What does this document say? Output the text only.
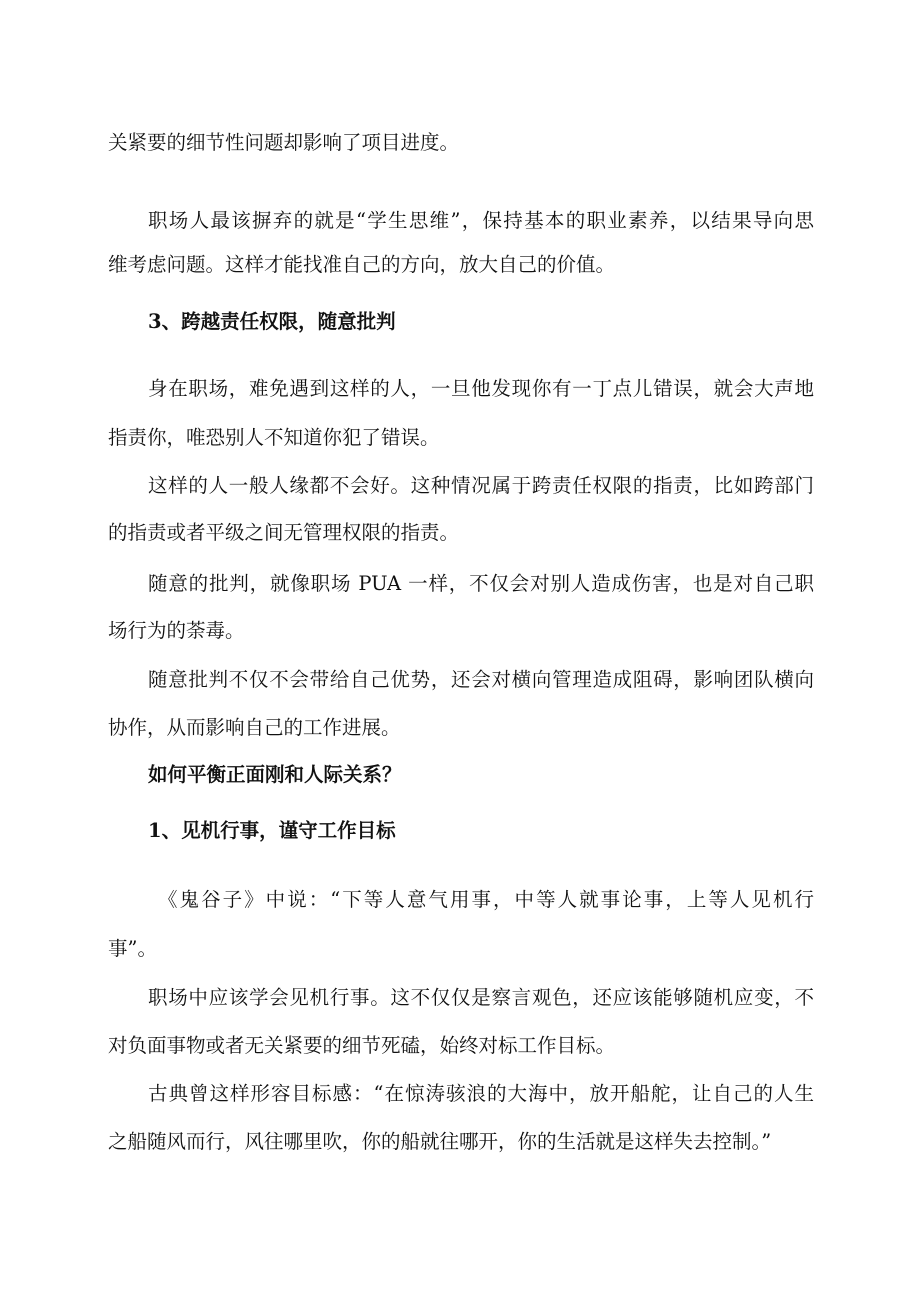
关紧要的细节性问题却影响了项目进度。
职场人最该摒弃的就是“学生思维”，保持基本的职业素养，以结果导向思
维考虑问题。这样才能找准自己的方向，放大自己的价值。
3、跨越责任权限，随意批判
身在职场，难免遇到这样的人，一旦他发现你有一丁点儿错误，就会大声地
指责你，唯恐别人不知道你犯了错误。
这样的人一般人缘都不会好。这种情况属于跨责任权限的指责，比如跨部门
的指责或者平级之间无管理权限的指责。
随意的批判，就像职场 PUA 一样，不仅会对别人造成伤害，也是对自己职
场行为的荼毒。
随意批判不仅不会带给自己优势，还会对横向管理造成阻碍，影响团队横向
协作，从而影响自己的工作进展。
如何平衡正面刚和人际关系？
1、见机行事，谨守工作目标
《鬼谷子》中说：“下等人意气用事，中等人就事论事，上等人见机行
事”。
职场中应该学会见机行事。这不仅仅是察言观色，还应该能够随机应变，不
对负面事物或者无关紧要的细节死磕，始终对标工作目标。
古典曾这样形容目标感：“在惊涛骇浪的大海中，放开船舵，让自己的人生
之船随风而行，风往哪里吹，你的船就往哪开，你的生活就是这样失去控制。”
